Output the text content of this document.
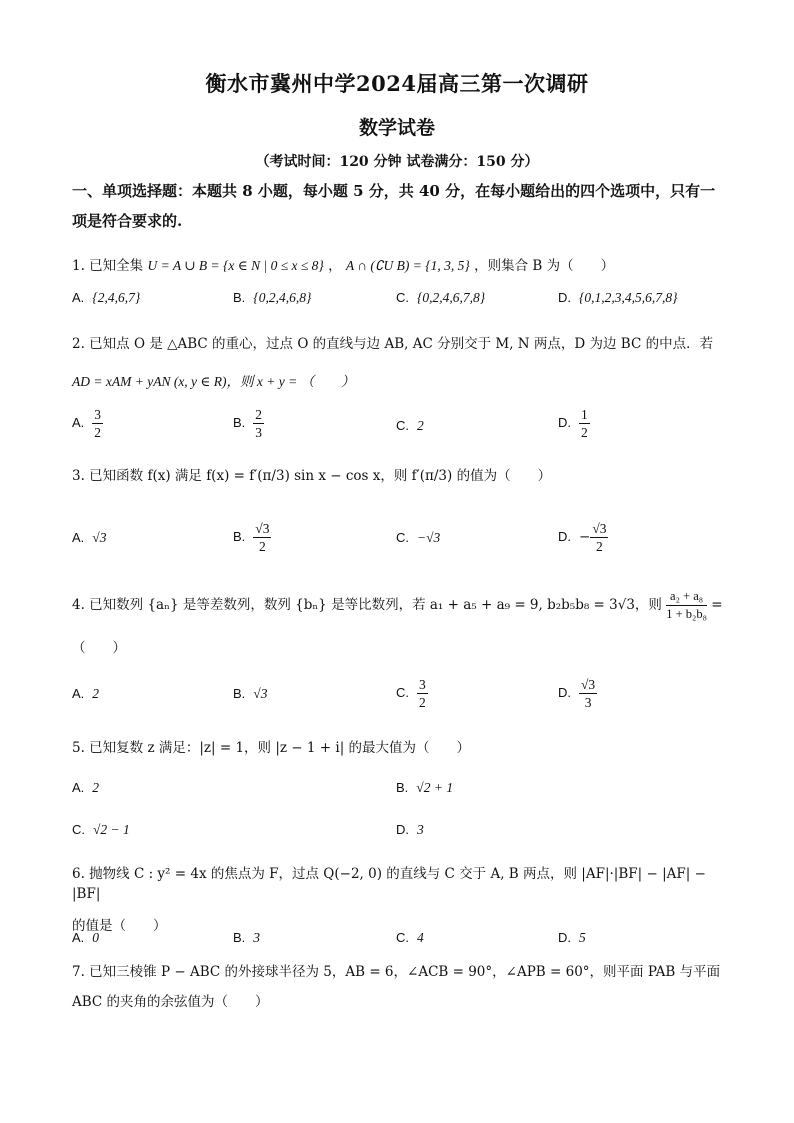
衡水市冀州中学2024届高三第一次调研
数学试卷
（考试时间：120 分钟 试卷满分：150 分）
一、单项选择题：本题共 8 小题，每小题 5 分，共 40 分，在每小题给出的四个选项中，只有一项是符合要求的.
1. 已知全集 U = A ∪ B = {x ∈ N | 0 ≤ x ≤ 8} ， A ∩ (∁U B) = {1, 3, 5} ，则集合 B 为（　　）
A. {2,4,6,7}	B. {0,2,4,6,8}	C. {0,2,4,6,7,8}	D. {0,1,2,3,4,5,6,7,8}
2. 已知点 O 是 △ABC 的重心，过点 O 的直线与边 AB, AC 分别交于 M, N 两点，D 为边 BC 的中点．若
AD = xAM + yAN (x, y ∈ R)，则 x + y = （　　）
A. $\frac{3}{2}$	B. $\frac{2}{3}$	C. 2	D. $\frac{1}{2}$
3. 已知函数 f(x) 满足 f(x) = f′(π/3) sin x − cos x，则 f′(π/3) 的值为（　　）
A. √3	B. $\frac{√3}{2}$	C. −√3	D. − $\frac{√3}{2}$
4. 已知数列 {aₙ} 是等差数列，数列 {bₙ} 是等比数列，若 a₁ + a₅ + a₉ = 9, b₂b₅b₈ = 3√3，则 $\frac{\text{a₂ + a₈}}{\text{1 + b₂b₈}}$ =
（　　）
A. 2	B. √3	C. $\frac{3}{2}$	D. $\frac{√3}{3}$
5. 已知复数 z 满足：|z| = 1，则 |z − 1 + i| 的最大值为（　　）
A. 2	B. √2 + 1
C. √2 − 1	D. 3
6. 抛物线 C : y² = 4x 的焦点为 F，过点 Q(−2, 0) 的直线与 C 交于 A, B 两点，则 |AF|·|BF| − |AF| − |BF|
的值是（　　）
A. 0	B. 3	C. 4	D. 5
7. 已知三棱锥 P − ABC 的外接球半径为 5，AB = 6，∠ACB = 90°，∠APB = 60°，则平面 PAB 与平面
ABC 的夹角的余弦值为（　　）
